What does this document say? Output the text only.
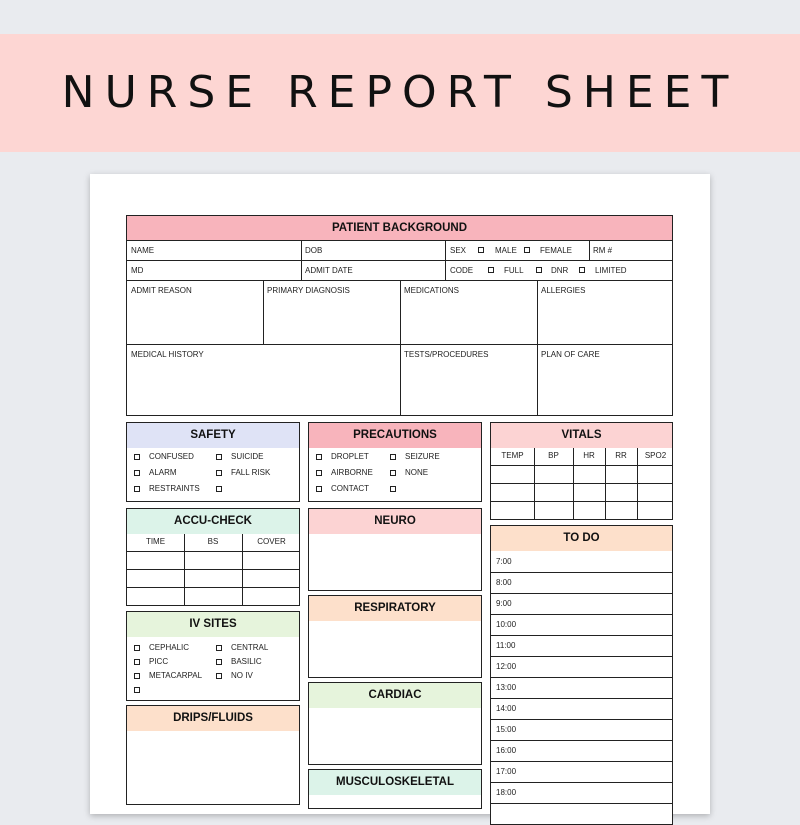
NURSE REPORT SHEET
PATIENT BACKGROUND
NAME	DOB	SEX	MALE	FEMALE	RM #
MD	ADMIT DATE	CODE	FULL	DNR	LIMITED
ADMIT REASON	PRIMARY DIAGNOSIS	MEDICATIONS	ALLERGIES
MEDICAL HISTORY	TESTS/PROCEDURES	PLAN OF CARE
SAFETY
CONFUSED	SUICIDE
ALARM	FALL RISK
RESTRAINTS
PRECAUTIONS
DROPLET	SEIZURE
AIRBORNE	NONE
CONTACT
VITALS
TEMP	BP	HR	RR	SPO2
ACCU-CHECK
TIME	BS	COVER
NEURO
TO DO
7:00
8:00
9:00
10:00
11:00
12:00
13:00
14:00
15:00
16:00
17:00
18:00
RESPIRATORY
IV SITES
CEPHALIC	CENTRAL
PICC	BASILIC
METACARPAL	NO IV
CARDIAC
DRIPS/FLUIDS
MUSCULOSKELETAL
